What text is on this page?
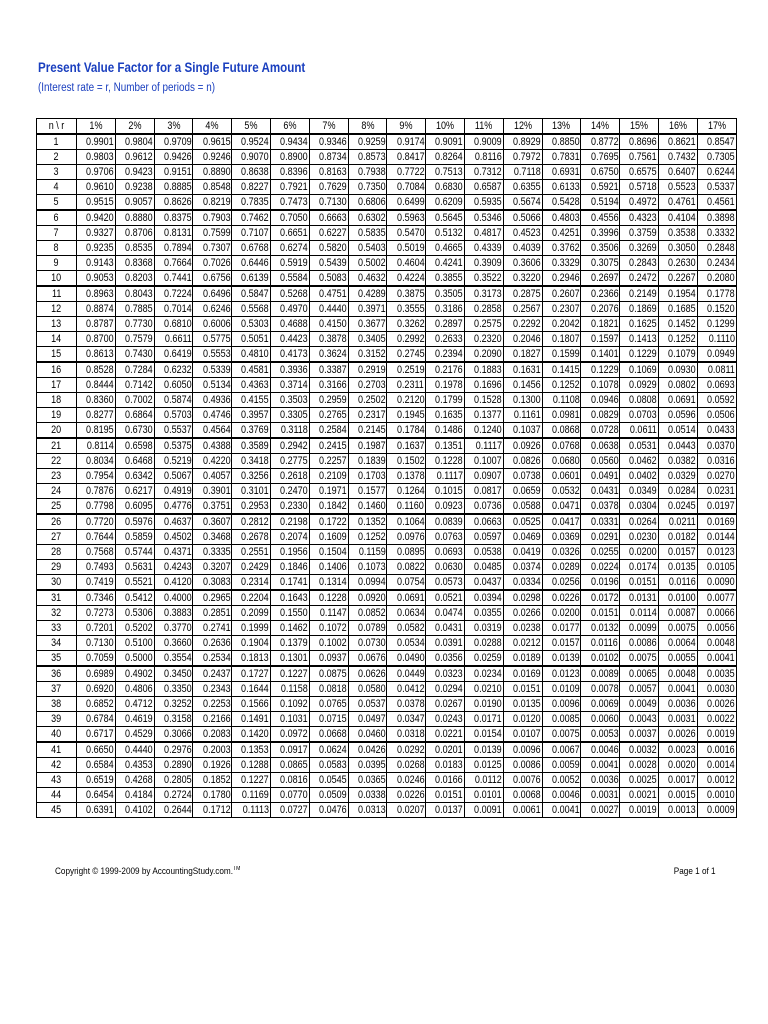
Present Value Factor for a Single Future Amount
(Interest rate = r, Number of periods = n)
n \ r	1%	2%	3%	4%	5%	6%	7%	8%	9%	10%	11%	12%	13%	14%	15%	16%	17%
1	0.9901	0.9804	0.9709	0.9615	0.9524	0.9434	0.9346	0.9259	0.9174	0.9091	0.9009	0.8929	0.8850	0.8772	0.8696	0.8621	0.8547
2	0.9803	0.9612	0.9426	0.9246	0.9070	0.8900	0.8734	0.8573	0.8417	0.8264	0.8116	0.7972	0.7831	0.7695	0.7561	0.7432	0.7305
3	0.9706	0.9423	0.9151	0.8890	0.8638	0.8396	0.8163	0.7938	0.7722	0.7513	0.7312	0.7118	0.6931	0.6750	0.6575	0.6407	0.6244
4	0.9610	0.9238	0.8885	0.8548	0.8227	0.7921	0.7629	0.7350	0.7084	0.6830	0.6587	0.6355	0.6133	0.5921	0.5718	0.5523	0.5337
5	0.9515	0.9057	0.8626	0.8219	0.7835	0.7473	0.7130	0.6806	0.6499	0.6209	0.5935	0.5674	0.5428	0.5194	0.4972	0.4761	0.4561
6	0.9420	0.8880	0.8375	0.7903	0.7462	0.7050	0.6663	0.6302	0.5963	0.5645	0.5346	0.5066	0.4803	0.4556	0.4323	0.4104	0.3898
7	0.9327	0.8706	0.8131	0.7599	0.7107	0.6651	0.6227	0.5835	0.5470	0.5132	0.4817	0.4523	0.4251	0.3996	0.3759	0.3538	0.3332
8	0.9235	0.8535	0.7894	0.7307	0.6768	0.6274	0.5820	0.5403	0.5019	0.4665	0.4339	0.4039	0.3762	0.3506	0.3269	0.3050	0.2848
9	0.9143	0.8368	0.7664	0.7026	0.6446	0.5919	0.5439	0.5002	0.4604	0.4241	0.3909	0.3606	0.3329	0.3075	0.2843	0.2630	0.2434
10	0.9053	0.8203	0.7441	0.6756	0.6139	0.5584	0.5083	0.4632	0.4224	0.3855	0.3522	0.3220	0.2946	0.2697	0.2472	0.2267	0.2080
11	0.8963	0.8043	0.7224	0.6496	0.5847	0.5268	0.4751	0.4289	0.3875	0.3505	0.3173	0.2875	0.2607	0.2366	0.2149	0.1954	0.1778
12	0.8874	0.7885	0.7014	0.6246	0.5568	0.4970	0.4440	0.3971	0.3555	0.3186	0.2858	0.2567	0.2307	0.2076	0.1869	0.1685	0.1520
13	0.8787	0.7730	0.6810	0.6006	0.5303	0.4688	0.4150	0.3677	0.3262	0.2897	0.2575	0.2292	0.2042	0.1821	0.1625	0.1452	0.1299
14	0.8700	0.7579	0.6611	0.5775	0.5051	0.4423	0.3878	0.3405	0.2992	0.2633	0.2320	0.2046	0.1807	0.1597	0.1413	0.1252	0.1110
15	0.8613	0.7430	0.6419	0.5553	0.4810	0.4173	0.3624	0.3152	0.2745	0.2394	0.2090	0.1827	0.1599	0.1401	0.1229	0.1079	0.0949
16	0.8528	0.7284	0.6232	0.5339	0.4581	0.3936	0.3387	0.2919	0.2519	0.2176	0.1883	0.1631	0.1415	0.1229	0.1069	0.0930	0.0811
17	0.8444	0.7142	0.6050	0.5134	0.4363	0.3714	0.3166	0.2703	0.2311	0.1978	0.1696	0.1456	0.1252	0.1078	0.0929	0.0802	0.0693
18	0.8360	0.7002	0.5874	0.4936	0.4155	0.3503	0.2959	0.2502	0.2120	0.1799	0.1528	0.1300	0.1108	0.0946	0.0808	0.0691	0.0592
19	0.8277	0.6864	0.5703	0.4746	0.3957	0.3305	0.2765	0.2317	0.1945	0.1635	0.1377	0.1161	0.0981	0.0829	0.0703	0.0596	0.0506
20	0.8195	0.6730	0.5537	0.4564	0.3769	0.3118	0.2584	0.2145	0.1784	0.1486	0.1240	0.1037	0.0868	0.0728	0.0611	0.0514	0.0433
21	0.8114	0.6598	0.5375	0.4388	0.3589	0.2942	0.2415	0.1987	0.1637	0.1351	0.1117	0.0926	0.0768	0.0638	0.0531	0.0443	0.0370
22	0.8034	0.6468	0.5219	0.4220	0.3418	0.2775	0.2257	0.1839	0.1502	0.1228	0.1007	0.0826	0.0680	0.0560	0.0462	0.0382	0.0316
23	0.7954	0.6342	0.5067	0.4057	0.3256	0.2618	0.2109	0.1703	0.1378	0.1117	0.0907	0.0738	0.0601	0.0491	0.0402	0.0329	0.0270
24	0.7876	0.6217	0.4919	0.3901	0.3101	0.2470	0.1971	0.1577	0.1264	0.1015	0.0817	0.0659	0.0532	0.0431	0.0349	0.0284	0.0231
25	0.7798	0.6095	0.4776	0.3751	0.2953	0.2330	0.1842	0.1460	0.1160	0.0923	0.0736	0.0588	0.0471	0.0378	0.0304	0.0245	0.0197
26	0.7720	0.5976	0.4637	0.3607	0.2812	0.2198	0.1722	0.1352	0.1064	0.0839	0.0663	0.0525	0.0417	0.0331	0.0264	0.0211	0.0169
27	0.7644	0.5859	0.4502	0.3468	0.2678	0.2074	0.1609	0.1252	0.0976	0.0763	0.0597	0.0469	0.0369	0.0291	0.0230	0.0182	0.0144
28	0.7568	0.5744	0.4371	0.3335	0.2551	0.1956	0.1504	0.1159	0.0895	0.0693	0.0538	0.0419	0.0326	0.0255	0.0200	0.0157	0.0123
29	0.7493	0.5631	0.4243	0.3207	0.2429	0.1846	0.1406	0.1073	0.0822	0.0630	0.0485	0.0374	0.0289	0.0224	0.0174	0.0135	0.0105
30	0.7419	0.5521	0.4120	0.3083	0.2314	0.1741	0.1314	0.0994	0.0754	0.0573	0.0437	0.0334	0.0256	0.0196	0.0151	0.0116	0.0090
31	0.7346	0.5412	0.4000	0.2965	0.2204	0.1643	0.1228	0.0920	0.0691	0.0521	0.0394	0.0298	0.0226	0.0172	0.0131	0.0100	0.0077
32	0.7273	0.5306	0.3883	0.2851	0.2099	0.1550	0.1147	0.0852	0.0634	0.0474	0.0355	0.0266	0.0200	0.0151	0.0114	0.0087	0.0066
33	0.7201	0.5202	0.3770	0.2741	0.1999	0.1462	0.1072	0.0789	0.0582	0.0431	0.0319	0.0238	0.0177	0.0132	0.0099	0.0075	0.0056
34	0.7130	0.5100	0.3660	0.2636	0.1904	0.1379	0.1002	0.0730	0.0534	0.0391	0.0288	0.0212	0.0157	0.0116	0.0086	0.0064	0.0048
35	0.7059	0.5000	0.3554	0.2534	0.1813	0.1301	0.0937	0.0676	0.0490	0.0356	0.0259	0.0189	0.0139	0.0102	0.0075	0.0055	0.0041
36	0.6989	0.4902	0.3450	0.2437	0.1727	0.1227	0.0875	0.0626	0.0449	0.0323	0.0234	0.0169	0.0123	0.0089	0.0065	0.0048	0.0035
37	0.6920	0.4806	0.3350	0.2343	0.1644	0.1158	0.0818	0.0580	0.0412	0.0294	0.0210	0.0151	0.0109	0.0078	0.0057	0.0041	0.0030
38	0.6852	0.4712	0.3252	0.2253	0.1566	0.1092	0.0765	0.0537	0.0378	0.0267	0.0190	0.0135	0.0096	0.0069	0.0049	0.0036	0.0026
39	0.6784	0.4619	0.3158	0.2166	0.1491	0.1031	0.0715	0.0497	0.0347	0.0243	0.0171	0.0120	0.0085	0.0060	0.0043	0.0031	0.0022
40	0.6717	0.4529	0.3066	0.2083	0.1420	0.0972	0.0668	0.0460	0.0318	0.0221	0.0154	0.0107	0.0075	0.0053	0.0037	0.0026	0.0019
41	0.6650	0.4440	0.2976	0.2003	0.1353	0.0917	0.0624	0.0426	0.0292	0.0201	0.0139	0.0096	0.0067	0.0046	0.0032	0.0023	0.0016
42	0.6584	0.4353	0.2890	0.1926	0.1288	0.0865	0.0583	0.0395	0.0268	0.0183	0.0125	0.0086	0.0059	0.0041	0.0028	0.0020	0.0014
43	0.6519	0.4268	0.2805	0.1852	0.1227	0.0816	0.0545	0.0365	0.0246	0.0166	0.0112	0.0076	0.0052	0.0036	0.0025	0.0017	0.0012
44	0.6454	0.4184	0.2724	0.1780	0.1169	0.0770	0.0509	0.0338	0.0226	0.0151	0.0101	0.0068	0.0046	0.0031	0.0021	0.0015	0.0010
45	0.6391	0.4102	0.2644	0.1712	0.1113	0.0727	0.0476	0.0313	0.0207	0.0137	0.0091	0.0061	0.0041	0.0027	0.0019	0.0013	0.0009
Copyright © 1999-2009 by AccountingStudy.com.™	Page 1 of 1
